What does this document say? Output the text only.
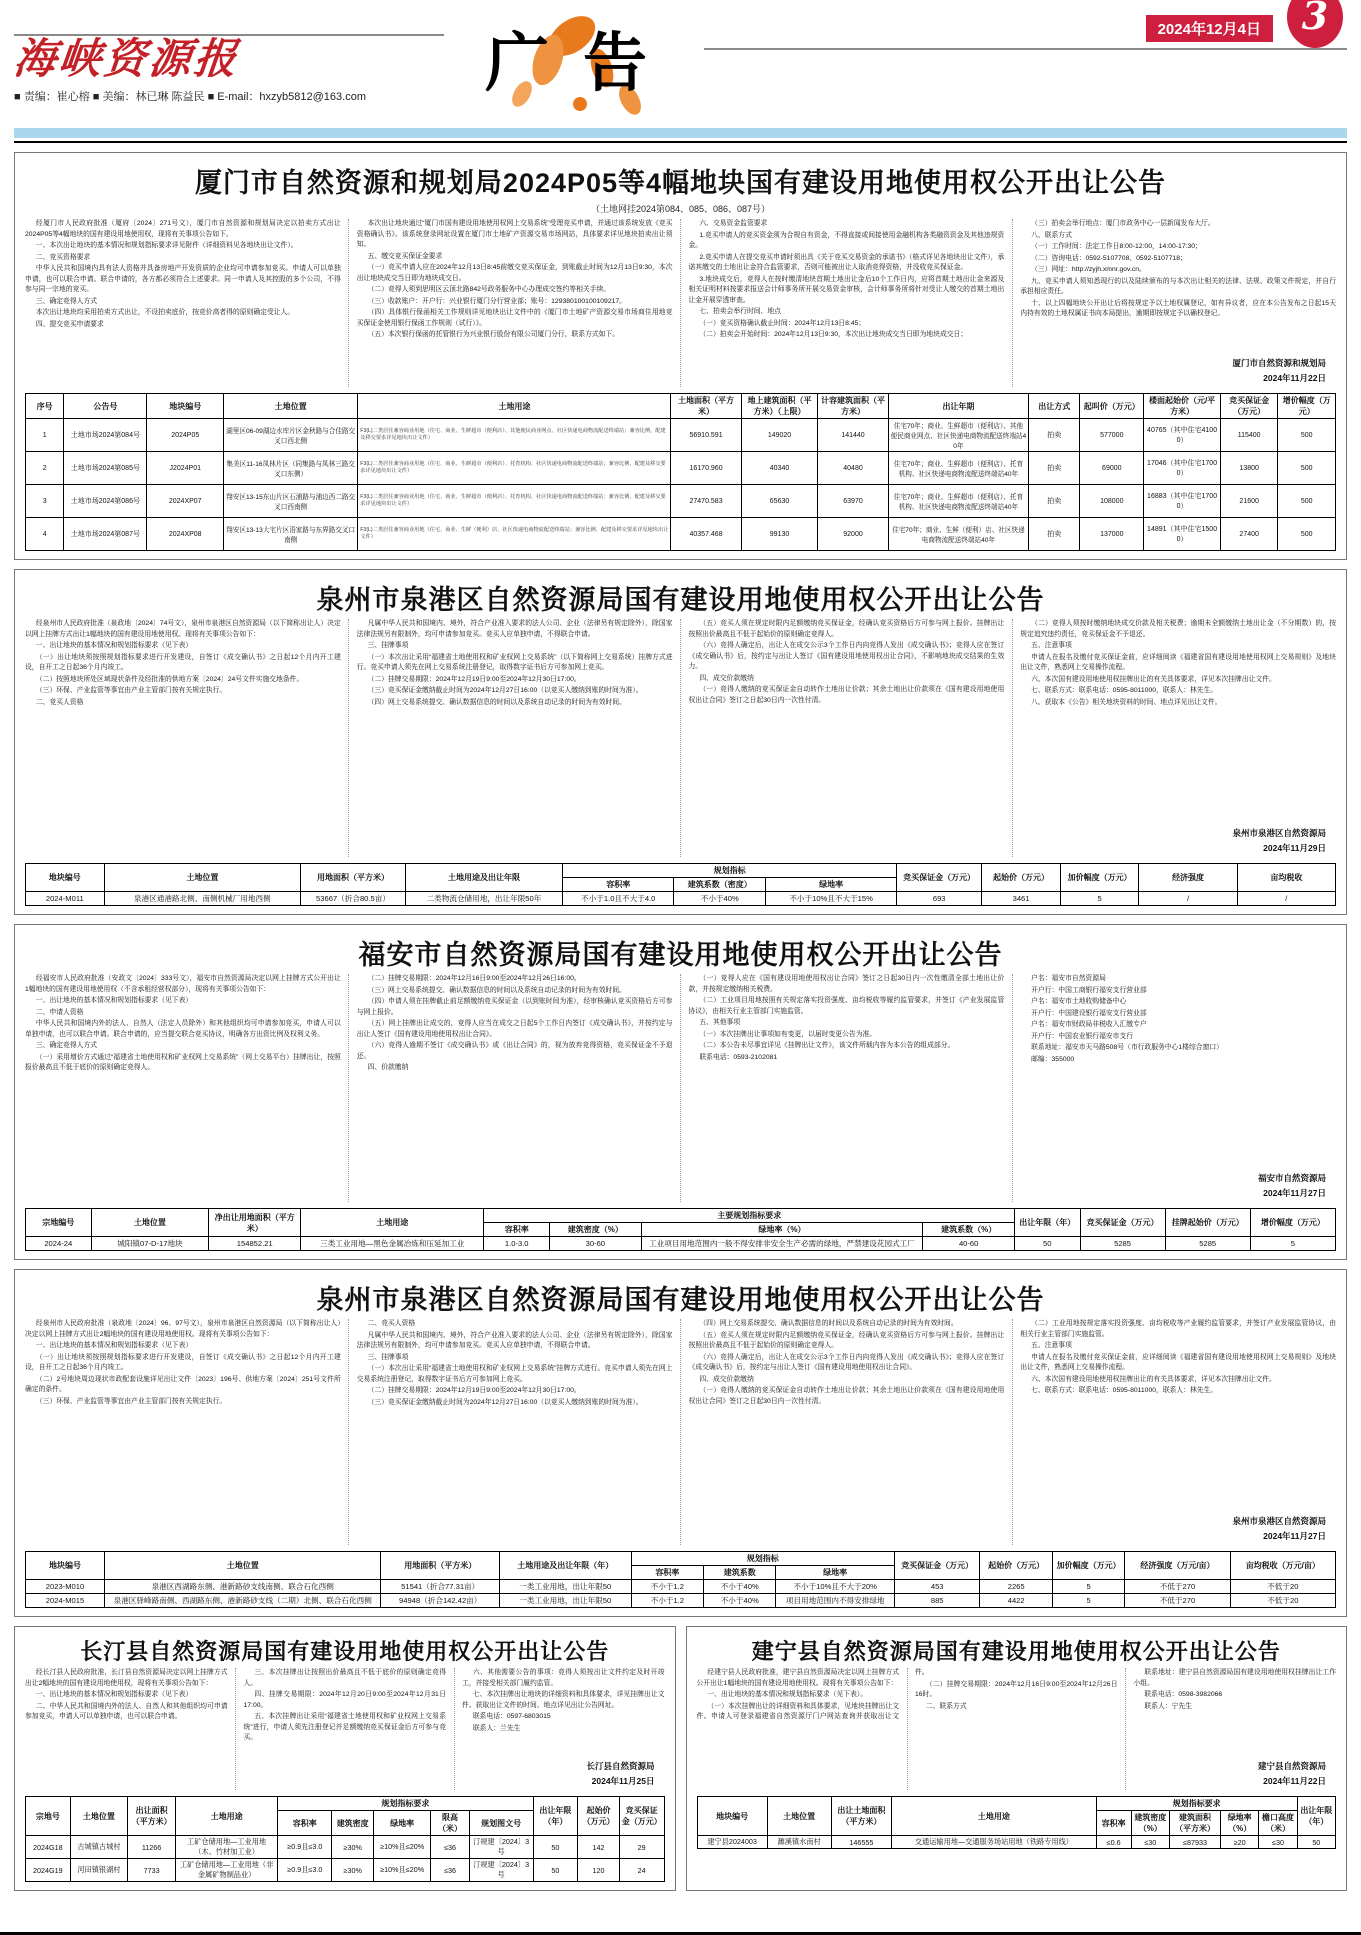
海峡资源报
■ 责编：崔心榕 ■ 美编：林已琳 陈益民 ■ E-mail：hxzyb5812@163.com	广告	2024年12月4日	3
厦门市自然资源和规划局2024P05等4幅地块国有建设用地使用权公开出让公告
（土地网挂2024第084、085、086、087号）

经厦门市人民政府批准（厦府〔2024〕271号文），厦门市自然资源和规划局决定以拍卖方式出让2024P05等4幅地块的国有建设用地使用权，现将有关事项公告如下。

一、本次出让地块的基本情况和规划指标要求详见附件（详细资料见各地块出让文件）。

二、竞买资格要求

中华人民共和国境内具有法人资格并具备房地产开发资质的企业均可申请参加竞买。申请人可以单独申请，也可以联合申请。联合申请的，各方都必须符合上述要求。同一申请人及其控股的多个公司，不得参与同一宗地的竞买。

三、确定竞得人方式

本次出让地块均采用拍卖方式出让，不设拍卖底价，按竞价高者得的原则确定受让人。

四、提交竞买申请要求

本次出让地块通过“厦门市国有建设用地使用权网上交易系统”受理竞买申请，并通过该系统发放《竞买资格确认书》。该系统登录网址设置在厦门市土地矿产资源交易市场网站，具体要求详见地块拍卖出让须知。

五、缴交竞买保证金要求

（一）竞买申请人应在2024年12月13日8:45前缴交竞买保证金，到账截止时间为12月13日9:30，本次出让地块成交当日即为地块成交日。

（二）竞得人须到思明区云顶北路842号政务服务中心办理成交签约等相关手续。

（三）收款账户：开户行：兴业银行厦门分行营业部；账号：129380100100109217。

（四）具体银行保函相关工作规则详见地块出让文件中的《厦门市土地矿产资源交易市场商住用地竞买保证金使用银行保函工作规则（试行）》。

（五）本次银行保函的托管银行为兴业银行股份有限公司厦门分行，联系方式如下。

六、交易资金监管要求

1.竞买申请人的竞买资金须为合规自有资金，不得直接或间接使用金融机构各类融资资金及其他违规资金。

2.竞买申请人在提交竞买申请时须出具《关于竞买交易资金的承诺书》（格式详见各地块出让文件），承诺其缴交的土地出让金符合监管要求，否则可能被出让人取消竞得资格，并没收竞买保证金。

3.地块成交后，竞得人在按时缴清地块首期土地出让金后10个工作日内，应将首期土地出让金来源及相关证明材料按要求报送会计师事务所开展交易资金审核，会计师事务所将针对受让人缴交的首期土地出让金开展穿透审查。

七、拍卖会举行时间、地点

（一）竞买资格确认截止时间：2024年12月13日8:45；

（二）拍卖会开始时间：2024年12月13日9:30，本次出让地块成交当日即为地块成交日；

（三）拍卖会举行地点：厦门市政务中心一层新闻发布大厅。

八、联系方式

（一）工作时间：法定工作日8:00-12:00，14:00-17:30；

（二）咨询电话：0592-5107708、0592-5107718；

（三）网址：http://zyjh.xmnr.gov.cn。

九、竞买申请人须知悉现行的以及陆续颁布的与本次出让相关的法律、法规、政策文件规定，并自行承担相应责任。

十、以上四幅地块公开出让后将按规定予以土地权属登记，如有异议者，应在本公告发布之日起15天内持有效的土地权属证书向本局提出，逾期即按规定予以确权登记。

厦门市自然资源和规划局
2024年11月22日
序号	公告号	地块编号	土地位置	土地用途	土地面积（平方米）	地上建筑面积（平方米）（上限）	计容建筑面积（平方米）	出让年期	出让方式	起叫价（万元）	楼面起始价（元/平方米）	竞买保证金（万元）	增价幅度（万元）
1	土地市场2024第084号	2024P05	湖里区06-09湖边水库片区金秋路与合佳路交叉口西北侧	F3(L)二类居住兼容商业用地（住宅、商业、生鲜超市（便利店）、其他便民商业网点、社区快递电商物流配送终端站；兼容比例、配建及移交要求详见地块出让文件）	56910.591	149020	141440	住宅70年；商业、生鲜超市（便利店）、其他便民商业网点、社区快递电商物流配送终端站40年	拍卖	577000	40765（其中住宅41000）	115400	500
2	土地市场2024第085号	J2024P01	集美区11-16凤林片区（同集路与凤林三路交叉口东侧）	F3(L)二类居住兼容商业用地（住宅、商业、生鲜超市（便利店）、托育机构、社区快递电商物流配送终端站；兼容比例、配建及移交要求详见地块出让文件）	16170.960	40340	40480	住宅70年；商业、生鲜超市（便利店）、托育机构、社区快递电商物流配送终端站40年	拍卖	69000	17046（其中住宅17000）	13800	500
3	土地市场2024第086号	2024XP07	翔安区13-15东山片区石浦路与浦边西二路交叉口西南侧	F3(L)二类居住兼容商业用地（住宅、商业、生鲜超市（便利店）、托育机构、社区快递电商物流配送终端站；兼容比例、配建及移交要求详见地块出让文件）	27470.583	65630	63970	住宅70年；商业、生鲜超市（便利店）、托育机构、社区快递电商物流配送终端站40年	拍卖	108000	16883（其中住宅17000）	21600	500
4	土地市场2024第087号	2024XP08	翔安区13-13大宅片区浯家路与东界路交叉口南侧	F3(L)二类居住兼容商业用地（住宅、商业、生鲜（便利）店、社区快递电商物流配送终端站；兼容比例、配建及移交要求详见地块出让文件）	40357.468	99130	92000	住宅70年；商业、生鲜（便利）店、社区快递电商物流配送终端站40年	拍卖	137000	14891（其中住宅15000）	27400	500
泉州市泉港区自然资源局国有建设用地使用权公开出让公告

经泉州市人民政府批准（泉政地〔2024〕74号文），泉州市泉港区自然资源局（以下简称出让人）决定以网上挂牌方式出让1幅地块的国有建设用地使用权。现将有关事项公告如下：

一、出让地块的基本情况和规划指标要求（见下表）

（一）出让地块须按照规划指标要求进行开发建设，自签订《成交确认书》之日起12个月内开工建设，自开工之日起36个月内竣工。

（二）按照地块所处区域现状条件及经批准的供地方案〔2024〕24号文件实施交地条件。

（三）环保、产业监管等事宜由产业主管部门按有关规定执行。

二、竞买人资格

凡属中华人民共和国境内、境外，符合产业准入要求的法人公司、企业（法律另有规定除外），除国家法律法规另有限制外，均可申请参加竞买。竞买人应单独申请，不得联合申请。

三、挂牌事项

（一）本次出让采用“福建省土地使用权和矿业权网上交易系统”（以下简称网上交易系统）挂牌方式进行。竞买申请人须先在网上交易系统注册登记，取得数字证书后方可参加网上竞买。

（二）挂牌交易期限：2024年12月19日9:00至2024年12月30日17:00。

（三）竞买保证金缴纳截止时间为2024年12月27日16:00（以竞买人缴纳到账的时间为准）。

（四）网上交易系统提交、确认数据信息的时间以及系统自动记录的时间为有效时间。

（五）竞买人须在规定时限内足额缴纳竞买保证金，经确认竞买资格后方可参与网上报价。挂牌出让按照出价最高且不低于起始价的原则确定竞得人。

（六）竞得人确定后，出让人在成交公示3个工作日内向竞得人发出《成交确认书》；竞得人应在签订《成交确认书》后，按约定与出让人签订《国有建设用地使用权出让合同》，不影响地块成交结果的生效力。

四、成交价款缴纳

（一）竞得人缴纳的竞买保证金自动转作土地出让价款；其余土地出让价款须在《国有建设用地使用权出让合同》签订之日起30日内一次性付清。

（二）竞得人须按时缴纳地块成交价款及相关税费；逾期未全额缴纳土地出让金（不分期数）的，按规定追究违约责任，竞买保证金不予退还。

五、注意事项

申请人在报名及缴付竞买保证金前，应详细阅读《福建省国有建设用地使用权网上交易规则》及地块出让文件，熟悉网上交易操作流程。

六、本次国有建设用地使用权挂牌出让的有关具体要求，详见本次挂牌出让文件。

七、联系方式：联系电话：0595-8011000，联系人：林先生。

八、获取本《公告》相关地块资料的时间、地点详见出让文件。

泉州市泉港区自然资源局
2024年11月29日
地块编号	土地位置	用地面积（平方米）	土地用途及出让年限	规划指标			竞买保证金（万元）	起始价（万元）	加价幅度（万元）	经济强度	亩均税收
				容积率	建筑系数（密度）	绿地率					
2024-M011	泉港区通港路北侧、南侧机械厂用地西侧	53667（折合80.5亩）	二类物流仓储用地，出让年限50年	不小于1.0且不大于4.0	不小于40%	不小于10%且不大于15%	693	3461	5	/	/
福安市自然资源局国有建设用地使用权公开出让公告

经福安市人民政府批准（安政文〔2024〕333号文），福安市自然资源局决定以网上挂牌方式公开出让1幅地块的国有建设用地使用权（不含承租经营权部分），现将有关事项公告如下：

一、出让地块的基本情况和规划指标要求（见下表）

二、申请人资格

中华人民共和国境内外的法人、自然人（法定人员除外）和其他组织均可申请参加竞买，申请人可以单独申请，也可以联合申请。联合申请的，应当提交联合竞买协议，明确各方出资比例及权利义务。

三、确定竞得人方式

（一）采用增价方式通过“福建省土地使用权和矿业权网上交易系统”（网上交易平台）挂牌出让，按照报价最高且不低于底价的原则确定竞得人。

（二）挂牌交易期限：2024年12月16日9:00至2024年12月26日16:00。

（三）网上交易系统提交、确认数据信息的时间以及系统自动记录的时间为有效时间。

（四）申请人须在挂牌截止前足额缴纳竞买保证金（以到账时间为准），经审核确认竞买资格后方可参与网上报价。

（五）网上挂牌出让成交的，竞得人应当在成交之日起5个工作日内签订《成交确认书》，并按约定与出让人签订《国有建设用地使用权出让合同》。

（六）竞得人逾期不签订《成交确认书》或《出让合同》的，视为放弃竞得资格，竞买保证金不予退还。

四、价款缴纳

（一）竞得人应在《国有建设用地使用权出让合同》签订之日起30日内一次性缴清全部土地出让价款，并按规定缴纳相关税费。

（二）工业项目用地按照有关规定落实投资强度、亩均税收等履约监管要求，并签订《产业发展监管协议》，由相关行业主管部门实施监管。

五、其他事项

（一）本次挂牌出让事项如有变更，以届时变更公告为准。

（二）本公告未尽事宜详见《挂牌出让文件》，该文件所载内容为本公告的组成部分。

联系电话：0593-2102081

户名：福安市自然资源局

开户行：中国工商银行福安支行营业部

户名：福安市土地收购储备中心

开户行：中国建设银行福安支行营业部

户名：福安市财政局非税收入汇缴专户

开户行：中国农业银行福安市支行

联系地址：福安市天马路508号（市行政服务中心1楼综合窗口）

邮编：355000

福安市自然资源局
2024年11月27日
宗地编号	土地位置	净出让用地面积（平方米）	土地用途	主要规划指标要求				出让年限（年）	竞买保证金（万元）	挂牌起始价（万元）	增价幅度（万元）
				容积率	建筑密度（%）	绿地率（%）	建筑系数（%）				
2024-24	城阳镇07-D-17地块	154852.21	三类工业用地—黑色金属冶炼和压延加工业	1.0-3.0	30-60	工业项目用地范围内一般不得安排非安全生产必需的绿地，严禁建设花园式工厂	40-60	50	5285	5285	5
泉州市泉港区自然资源局国有建设用地使用权公开出让公告

经泉州市人民政府批准（泉政地〔2024〕96、97号文），泉州市泉港区自然资源局（以下简称出让人）决定以网上挂牌方式出让2幅地块的国有建设用地使用权。现将有关事项公告如下：

一、出让地块的基本情况和规划指标要求（见下表）

（一）出让地块须按照规划指标要求进行开发建设，自签订《成交确认书》之日起12个月内开工建设，自开工之日起36个月内竣工。

（二）2号地块周边现状市政配套设施详见出让文件〔2023〕196号、供地方案〔2024〕251号文件所确定的条件。

（三）环保、产业监管等事宜由产业主管部门按有关规定执行。

二、竞买人资格

凡属中华人民共和国境内、境外，符合产业准入要求的法人公司、企业（法律另有规定除外），除国家法律法规另有限制外，均可申请参加竞买。竞买人应单独申请，不得联合申请。

三、挂牌事项

（一）本次出让采用“福建省土地使用权和矿业权网上交易系统”挂牌方式进行。竞买申请人须先在网上交易系统注册登记，取得数字证书后方可参加网上竞买。

（二）挂牌交易期限：2024年12月19日9:00至2024年12月30日17:00。

（三）竞买保证金缴纳截止时间为2024年12月27日16:00（以竞买人缴纳到账的时间为准）。

（四）网上交易系统提交、确认数据信息的时间以及系统自动记录的时间为有效时间。

（五）竞买人须在规定时限内足额缴纳竞买保证金，经确认竞买资格后方可参与网上报价。挂牌出让按照出价最高且不低于起始价的原则确定竞得人。

（六）竞得人确定后，出让人在成交公示3个工作日内向竞得人发出《成交确认书》；竞得人应在签订《成交确认书》后，按约定与出让人签订《国有建设用地使用权出让合同》。

四、成交价款缴纳

（一）竞得人缴纳的竞买保证金自动转作土地出让价款；其余土地出让价款须在《国有建设用地使用权出让合同》签订之日起30日内一次性付清。

（二）工业用地按规定落实投资强度、亩均税收等产业履约监管要求，并签订产业发展监管协议，由相关行业主管部门实施监管。

五、注意事项

申请人在报名及缴付竞买保证金前，应详细阅读《福建省国有建设用地使用权网上交易规则》及地块出让文件，熟悉网上交易操作流程。

六、本次国有建设用地使用权挂牌出让的有关具体要求，详见本次挂牌出让文件。

七、联系方式：联系电话：0595-8011000，联系人：林先生。

泉州市泉港区自然资源局
2024年11月27日
地块编号	土地位置	用地面积（平方米）	土地用途及出让年限（年）	规划指标			竞买保证金（万元）	起始价（万元）	加价幅度（万元）	经济强度（万元/亩）	亩均税收（万元/亩）
				容积率	建筑系数	绿地率					
2023-M010	泉港区西湖路东侧、港新路砂支线南侧、联合石化西侧	51541（折合77.31亩）	一类工业用地，出让年限50	不小于1.2	不小于40%	不小于10%且不大于20%	453	2265	5	不低于270	不低于20
2024-M015	泉港区驿峰路南侧、西湖路东侧、港新路砂支线（二期）北侧、联合石化西侧	94948（折合142.42亩）	一类工业用地，出让年限50	不小于1.2	不小于40%	项目用地范围内不得安排绿地	885	4422	5	不低于270	不低于20
长汀县自然资源局国有建设用地使用权公开出让公告

经长汀县人民政府批准，长汀县自然资源局决定以网上挂牌方式出让2幅地块的国有建设用地使用权，现将有关事项公告如下：

一、出让地块的基本情况和规划指标要求（见下表）

二、中华人民共和国境内外的法人、自然人和其他组织均可申请参加竞买，申请人可以单独申请，也可以联合申请。

三、本次挂牌出让按照出价最高且不低于底价的原则确定竞得人。

四、挂牌交易期限：2024年12月20日9:00至2024年12月31日17:00。

五、本次挂牌出让采用“福建省土地使用权和矿业权网上交易系统”进行，申请人须先注册登记并足额缴纳竞买保证金后方可参与竞买。

六、其他需要公告的事项：竞得人须按出让文件约定及时开竣工，并接受相关部门履约监管。

七、本次挂牌出让地块的详细资料和具体要求，详见挂牌出让文件。获取出让文件的时间、地点详见出让公告网址。

联系电话：0597-6803015

联系人：兰先生

长汀县自然资源局
2024年11月25日
宗地号	土地位置	出让面积（平方米）	土地用途	规划指标要求					出让年限（年）	起始价（万元）	竞买保证金（万元）
				容积率	建筑密度	绿地率	限高（米）	规划图文号			
2024G18	古城镇古城村	11266	工矿仓储用地—工业用地（木、竹材加工业）	≥0.9且≤3.0	≥30%	≥10%且≤20%	≤36	汀规建〔2024〕3号	50	142	29
2024G19	河田镇银湖村	7733	工矿仓储用地—工业用地（非金属矿物制品业）	≥0.9且≤3.0	≥30%	≥10%且≤20%	≤36	汀规建〔2024〕3号	50	120	24
建宁县自然资源局国有建设用地使用权公开出让公告

经建宁县人民政府批准，建宁县自然资源局决定以网上挂牌方式公开出让1幅地块的国有建设用地使用权。现将有关事项公告如下：

一、出让地块的基本情况和规划指标要求（见下表）。

（一）本次挂牌出让的详细资料和具体要求，见地块挂牌出让文件。申请人可登录福建省自然资源厅门户网站查询并获取出让文件。

（二）挂牌交易期限：2024年12月16日9:00至2024年12月26日16时。

二、联系方式

联系地址：建宁县自然资源局国有建设用地使用权挂牌出让工作小组。

联系电话：0598-3982066

联系人：宁先生

建宁县自然资源局
2024年11月22日
地块编号	土地位置	出让土地面积（平方米）	土地用途	规划指标要求					出让年限（年）
				容积率	建筑密度（%）	建筑面积（平方米）	绿地率（%）	檐口高度（米）	
建宁县2024003	濉溪镇水南村	146555	交通运输用地—交通服务场站用地（铁路专用线）	≤0.6	≤30	≤87933	≥20	≤30	50
